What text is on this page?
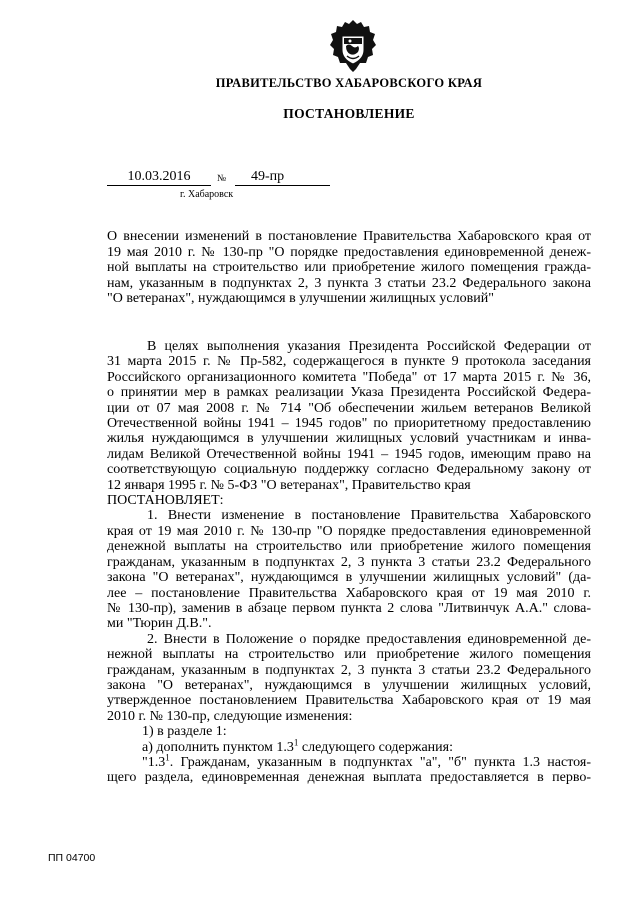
ПРАВИТЕЛЬСТВО ХАБАРОВСКОГО КРАЯ
ПОСТАНОВЛЕНИЕ
10.03.2016	№	49-пр
г. Хабаровск
О внесении изменений в постановление Правительства Хабаровского края от
19 мая 2010 г. № 130-пр "О порядке предоставления единовременной денеж-
ной выплаты на строительство или приобретение жилого помещения гражда-
нам, указанным в подпунктах 2, 3 пункта 3 статьи 23.2 Федерального закона
"О ветеранах", нуждающимся в улучшении жилищных условий"
В целях выполнения указания Президента Российской Федерации от
31 марта 2015 г. № Пр-582, содержащегося в пункте 9 протокола заседания
Российского организационного комитета "Победа" от 17 марта 2015 г. № 36,
о принятии мер в рамках реализации Указа Президента Российской Федера-
ции от 07 мая 2008 г. № 714 "Об обеспечении жильем ветеранов Великой
Отечественной войны 1941 – 1945 годов" по приоритетному предоставлению
жилья нуждающимся в улучшении жилищных условий участникам и инва-
лидам Великой Отечественной войны 1941 – 1945 годов, имеющим право на
соответствующую социальную поддержку согласно Федеральному закону от
12 января 1995 г. № 5-ФЗ "О ветеранах", Правительство края
ПОСТАНОВЛЯЕТ:
1. Внести изменение в постановление Правительства Хабаровского
края от 19 мая 2010 г. № 130-пр "О порядке предоставления единовременной
денежной выплаты на строительство или приобретение жилого помещения
гражданам, указанным в подпунктах 2, 3 пункта 3 статьи 23.2 Федерального
закона "О ветеранах", нуждающимся в улучшении жилищных условий" (да-
лее – постановление Правительства Хабаровского края от 19 мая 2010 г.
№ 130-пр), заменив в абзаце первом пункта 2 слова "Литвинчук А.А." слова-
ми "Тюрин Д.В.".
2. Внести в Положение о порядке предоставления единовременной де-
нежной выплаты на строительство или приобретение жилого помещения
гражданам, указанным в подпунктах 2, 3 пункта 3 статьи 23.2 Федерального
закона "О ветеранах", нуждающимся в улучшении жилищных условий,
утвержденное постановлением Правительства Хабаровского края от 19 мая
2010 г. № 130-пр, следующие изменения:
1) в разделе 1:
а) дополнить пунктом $1.3^1$ следующего содержания:
"$1.3^1$. Гражданам, указанным в подпунктах "а", "б" пункта 1.3 настоя-
щего раздела, единовременная денежная выплата предоставляется в перво-
ПП 04700
